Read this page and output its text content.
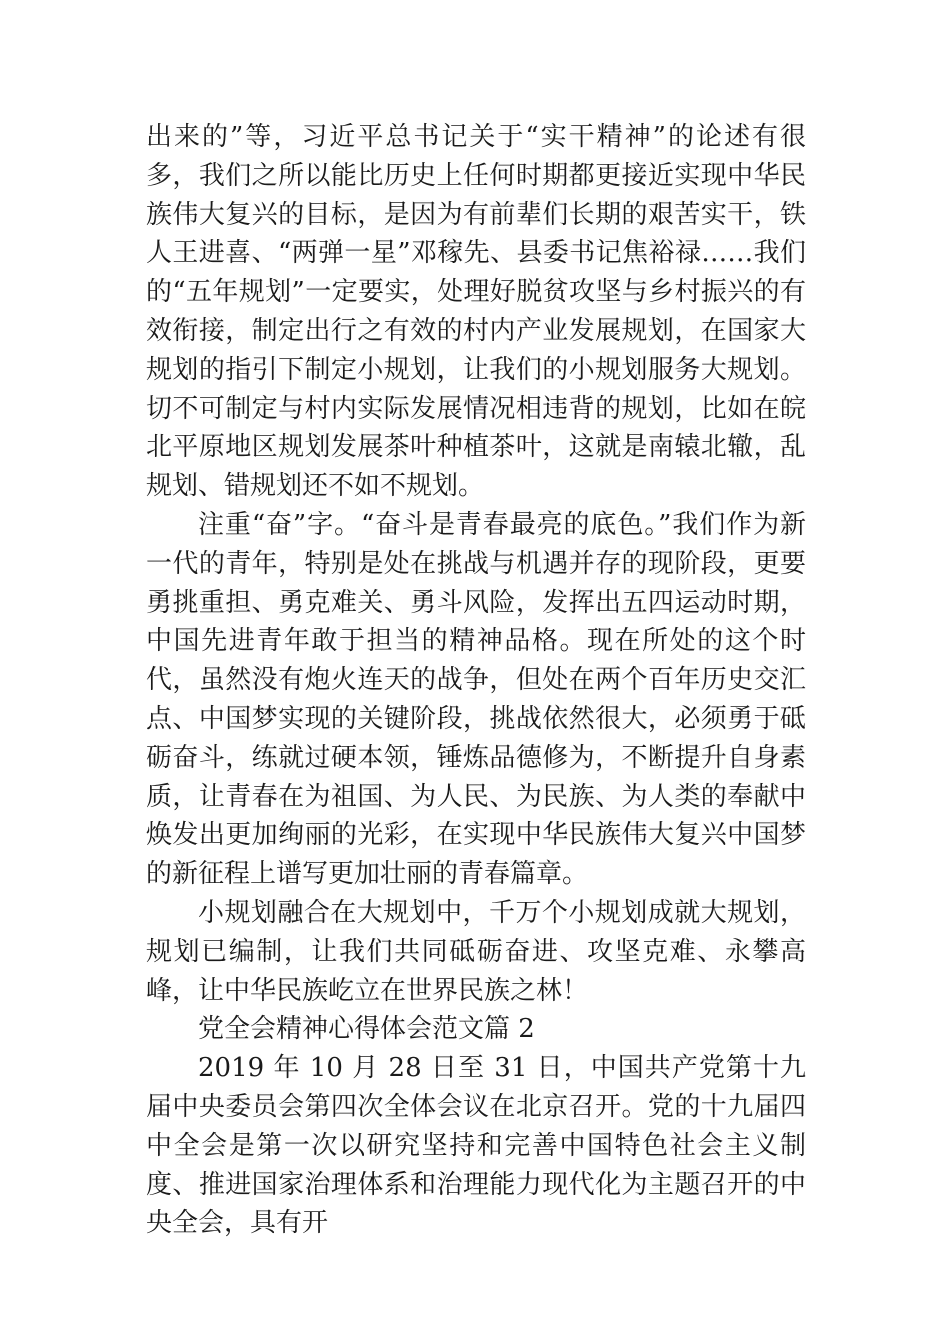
出来的”等，习近平总书记关于“实干精神”的论述有很多，我们之所以能比历史上任何时期都更接近实现中华民族伟大复兴的目标，是因为有前辈们长期的艰苦实干，铁人王进喜、“两弹一星”邓稼先、县委书记焦裕禄……我们的“五年规划”一定要实，处理好脱贫攻坚与乡村振兴的有效衔接，制定出行之有效的村内产业发展规划，在国家大规划的指引下制定小规划，让我们的小规划服务大规划。切不可制定与村内实际发展情况相违背的规划，比如在皖北平原地区规划发展茶叶种植茶叶，这就是南辕北辙，乱规划、错规划还不如不规划。

注重“奋”字。“奋斗是青春最亮的底色。”我们作为新一代的青年，特别是处在挑战与机遇并存的现阶段，更要勇挑重担、勇克难关、勇斗风险，发挥出五四运动时期，中国先进青年敢于担当的精神品格。现在所处的这个时代，虽然没有炮火连天的战争，但处在两个百年历史交汇点、中国梦实现的关键阶段，挑战依然很大，必须勇于砥砺奋斗，练就过硬本领，锤炼品德修为，不断提升自身素质，让青春在为祖国、为人民、为民族、为人类的奉献中焕发出更加绚丽的光彩，在实现中华民族伟大复兴中国梦的新征程上谱写更加壮丽的青春篇章。

小规划融合在大规划中，千万个小规划成就大规划，规划已编制，让我们共同砥砺奋进、攻坚克难、永攀高峰，让中华民族屹立在世界民族之林！

党全会精神心得体会范文篇 2

2019 年 10 月 28 日至 31 日，中国共产党第十九届中央委员会第四次全体会议在北京召开。党的十九届四中全会是第一次以研究坚持和完善中国特色社会主义制度、推进国家治理体系和治理能力现代化为主题召开的中央全会，具有开
